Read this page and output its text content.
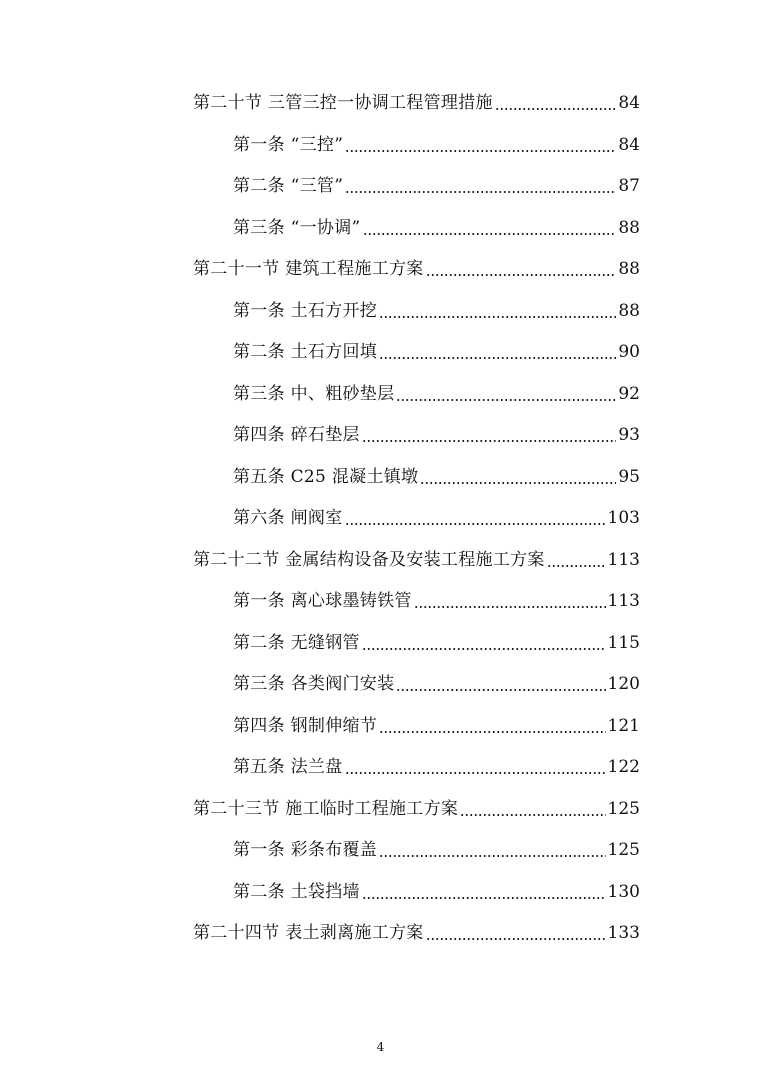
第二十节 三管三控一协调工程管理措施	84
第一条 “三控”	84
第二条 “三管”	87
第三条 “一协调”	88
第二十一节 建筑工程施工方案	88
第一条 土石方开挖	88
第二条 土石方回填	90
第三条 中、粗砂垫层	92
第四条 碎石垫层	93
第五条 C25 混凝土镇墩	95
第六条 闸阀室	103
第二十二节 金属结构设备及安装工程施工方案	113
第一条 离心球墨铸铁管	113
第二条 无缝钢管	115
第三条 各类阀门安装	120
第四条 钢制伸缩节	121
第五条 法兰盘	122
第二十三节 施工临时工程施工方案	125
第一条 彩条布覆盖	125
第二条 土袋挡墙	130
第二十四节 表土剥离施工方案	133
4
